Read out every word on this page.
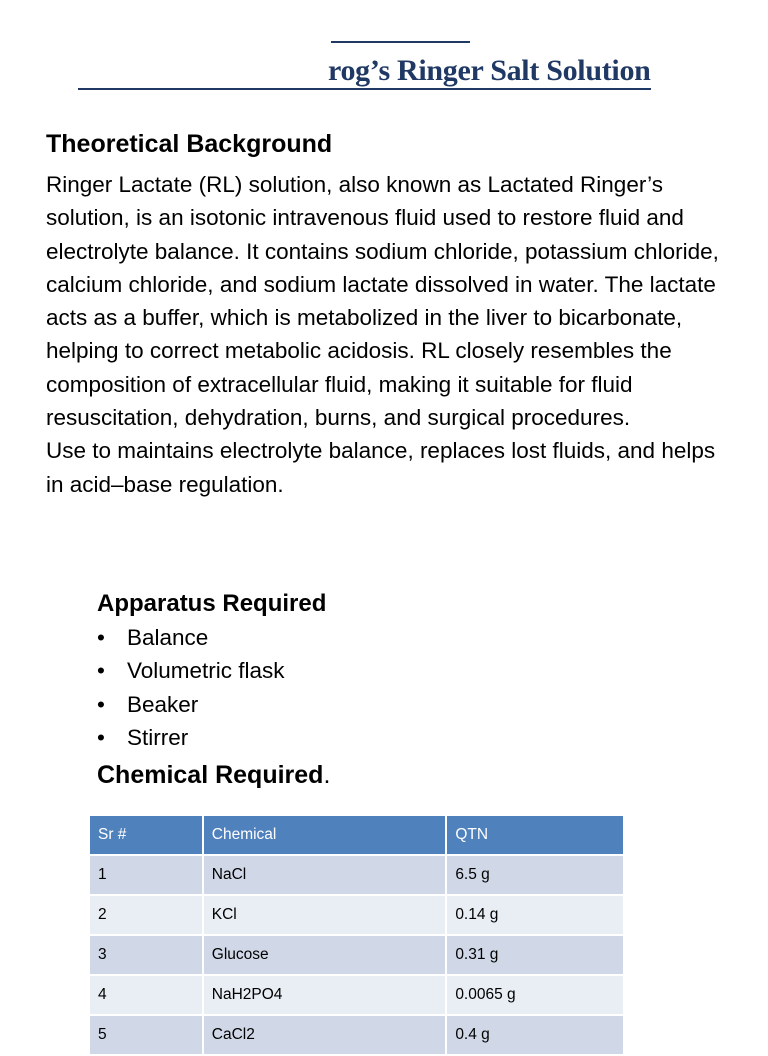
rog’s Ringer Salt Solution
Theoretical Background

Ringer Lactate (RL) solution, also known as Lactated Ringer’s solution, is an isotonic intravenous fluid used to restore fluid and electrolyte balance. It contains sodium chloride, potassium chloride, calcium chloride, and sodium lactate dissolved in water. The lactate acts as a buffer, which is metabolized in the liver to bicarbonate, helping to correct metabolic acidosis. RL closely resembles the composition of extracellular fluid, making it suitable for fluid resuscitation, dehydration, burns, and surgical procedures.

Use to maintains electrolyte balance, replaces lost fluids, and helps in acid–base regulation.

Apparatus Required
• Balance
• Volumetric flask
• Beaker
• Stirrer
Chemical Required.
Sr #	Chemical	QTN
1	NaCl	6.5 g
2	KCl	0.14 g
3	Glucose	0.31 g
4	NaH2PO4	0.0065 g
5	CaCl2	0.4 g
